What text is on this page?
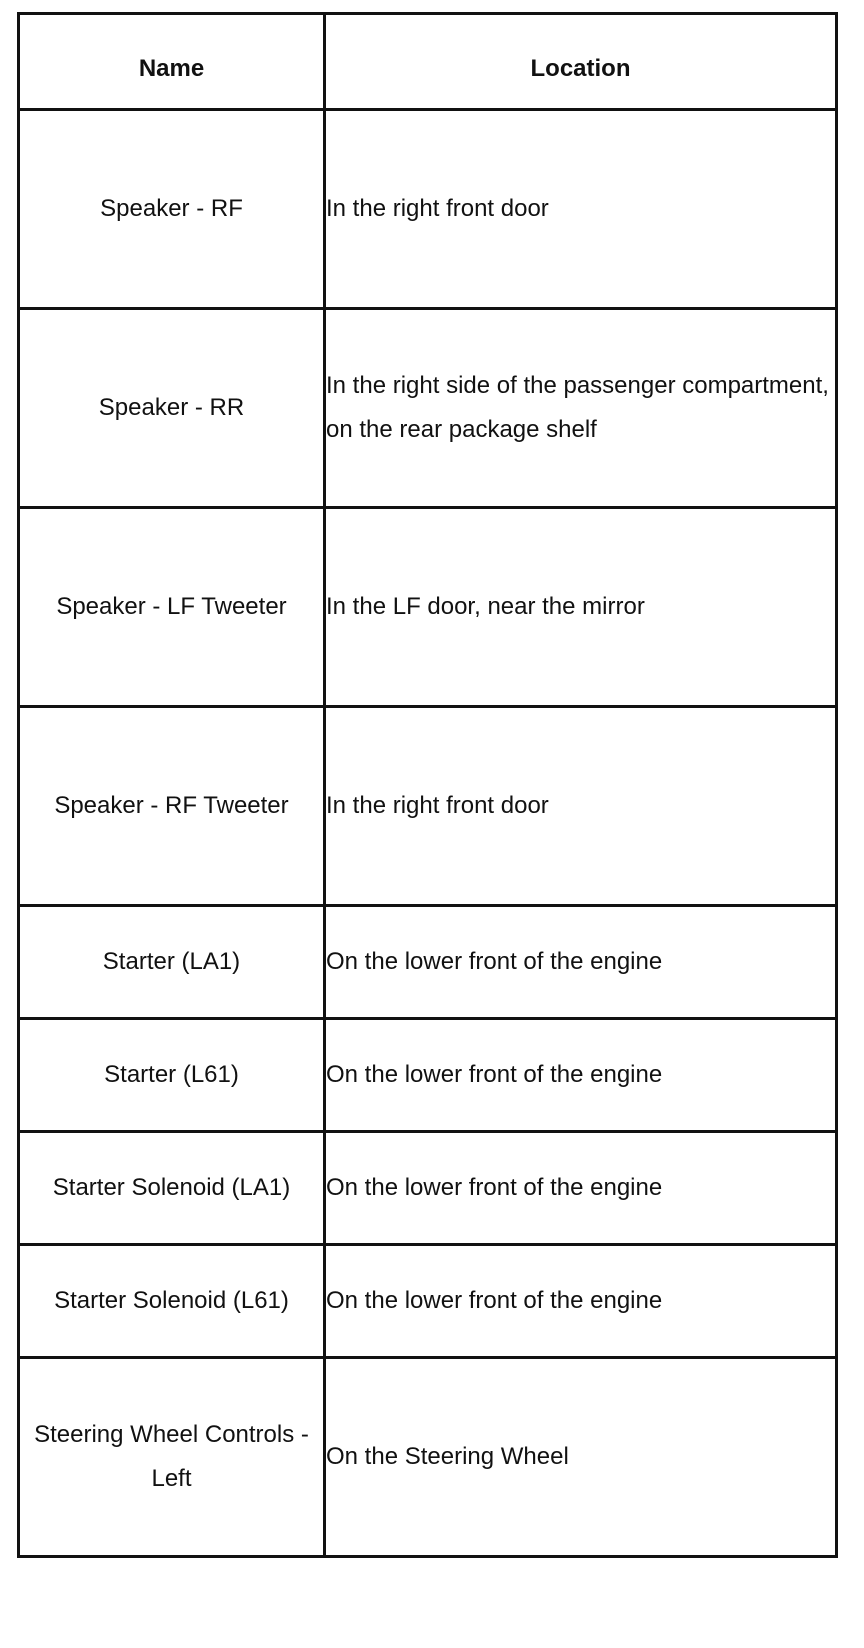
Name	Location
Speaker - RF	In the right front door
Speaker - RR	In the right side of the passenger compartment, on the rear package shelf
Speaker - LF Tweeter	In the LF door, near the mirror
Speaker - RF Tweeter	In the right front door
Starter (LA1)	On the lower front of the engine
Starter (L61)	On the lower front of the engine
Starter Solenoid (LA1)	On the lower front of the engine
Starter Solenoid (L61)	On the lower front of the engine
Steering Wheel Controls - Left	On the Steering Wheel
